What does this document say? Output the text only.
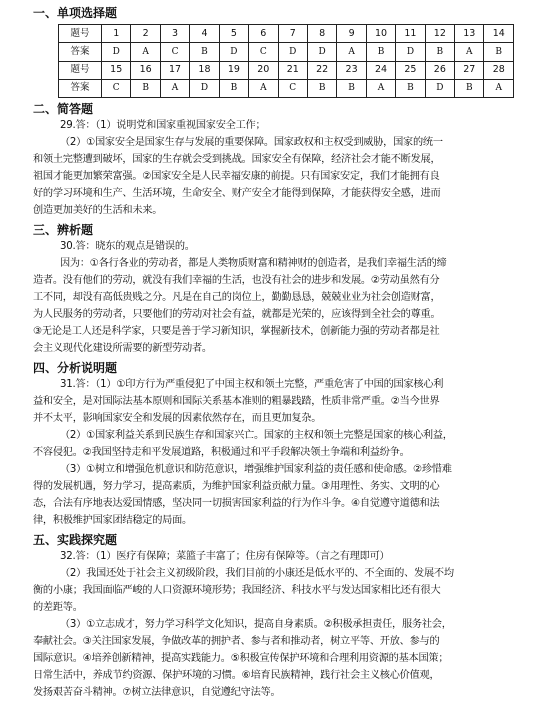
一、单项选择题
题号	1	2	3	4	5	6	7	8	9	10	11	12	13	14
答案	D	A	C	B	D	C	D	D	A	B	D	B	A	B
题号	15	16	17	18	19	20	21	22	23	24	25	26	27	28
答案	C	B	A	D	B	A	C	B	B	A	B	D	B	A
二、简答题
29.答：（1）说明党和国家重视国家安全工作；
（2）①国家安全是国家生存与发展的重要保障。国家政权和主权受到威胁，国家的统一
和领土完整遭到破坏，国家的生存就会受到挑战。国家安全有保障，经济社会才能不断发展，
祖国才能更加繁荣富强。②国家安全是人民幸福安康的前提。只有国家安定，我们才能拥有良
好的学习环境和生产、生活环境，生命安全、财产安全才能得到保障，才能获得安全感，进而
创造更加美好的生活和未来。
三、辨析题
30.答：晓东的观点是错误的。
因为：①各行各业的劳动者，都是人类物质财富和精神财的创造者，是我们幸福生活的缔
造者。没有他们的劳动，就没有我们幸福的生活，也没有社会的进步和发展。②劳动虽然有分
工不同，却没有高低贵贱之分。凡是在自己的岗位上，勤勤恳恳，兢兢业业为社会创造财富，
为人民服务的劳动者，只要他们的劳动对社会有益，就都是光荣的，应该得到全社会的尊重。
③无论是工人还是科学家，只要是善于学习新知识，掌握新技术，创新能力强的劳动者都是社
会主义现代化建设所需要的新型劳动者。
四、分析说明题
31.答：（1）①印方行为严重侵犯了中国主权和领土完整，严重危害了中国的国家核心利
益和安全，是对国际法基本原则和国际关系基本准则的粗暴践踏，性质非常严重。②当今世界
并不太平，影响国家安全和发展的因素依然存在，而且更加复杂。
（2）①国家利益关系到民族生存和国家兴亡。国家的主权和领土完整是国家的核心利益，
不容侵犯。②我国坚持走和平发展道路，积极通过和平手段解决领土争端和利益纷争。
（3）①树立和增强危机意识和防范意识，增强维护国家利益的责任感和使命感。②珍惜难
得的发展机遇，努力学习，提高素质，为维护国家利益贡献力量。③用理性、务实、文明的心
态，合法有序地表达爱国情感，坚决同一切损害国家利益的行为作斗争。④自觉遵守道德和法
律，积极维护国家团结稳定的局面。
五、实践探究题
32.答：（1）医疗有保障；菜篮子丰富了；住房有保障等。（言之有理即可）
（2）我国还处于社会主义初级阶段，我们目前的小康还是低水平的、不全面的、发展不均
衡的小康；我国面临严峻的人口资源环境形势；我国经济、科技水平与发达国家相比还有很大
的差距等。
（3）①立志成才，努力学习科学文化知识，提高自身素质。②积极承担责任，服务社会，
奉献社会。③关注国家发展，争做改革的拥护者、参与者和推动者，树立平等、开放、参与的
国际意识。④培养创新精神，提高实践能力。⑤积极宣传保护环境和合理利用资源的基本国策；
日常生活中，养成节约资源、保护环境的习惯。⑥培育民族精神，践行社会主义核心价值观，
发扬艰苦奋斗精神。⑦树立法律意识，自觉遵纪守法等。
